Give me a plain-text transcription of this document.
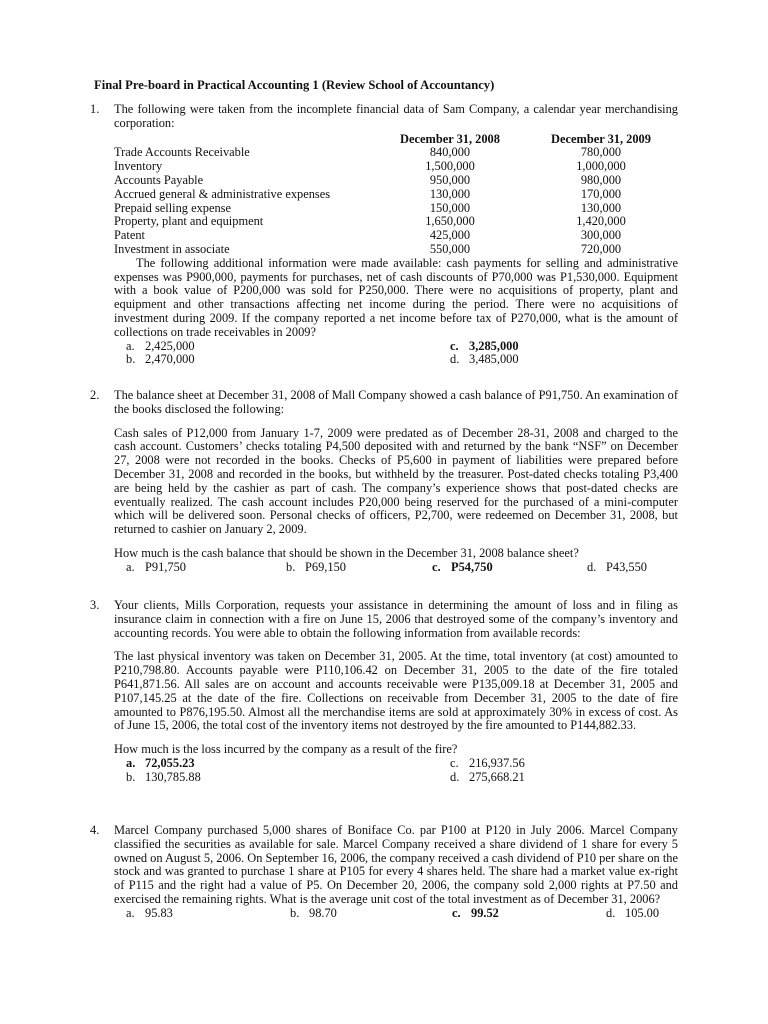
Final Pre-board in Practical Accounting 1 (Review School of Accountancy)
1.	The following were taken from the incomplete financial data of Sam Company, a calendar year merchandising corporation:
	December 31, 2008	December 31, 2009
Trade Accounts Receivable	840,000	780,000
Inventory	1,500,000	1,000,000
Accounts Payable	950,000	980,000
Accrued general & administrative expenses	130,000	170,000
Prepaid selling expense	150,000	130,000
Property, plant and equipment	1,650,000	1,420,000
Patent	425,000	300,000
Investment in associate	550,000	720,000
The following additional information were made available: cash payments for selling and administrative expenses was P900,000, payments for purchases, net of cash discounts of P70,000 was P1,530,000. Equipment with a book value of P200,000 was sold for P250,000. There were no acquisitions of property, plant and equipment and other transactions affecting net income during the period. There were no acquisitions of investment during 2009. If the company reported a net income before tax of P270,000, what is the amount of collections on trade receivables in 2009?
a. 2,425,000	c. 3,285,000
b. 2,470,000	d. 3,485,000
2.	The balance sheet at December 31, 2008 of Mall Company showed a cash balance of P91,750. An examination of the books disclosed the following:
Cash sales of P12,000 from January 1-7, 2009 were predated as of December 28-31, 2008 and charged to the cash account. Customers’ checks totaling P4,500 deposited with and returned by the bank “NSF” on December 27, 2008 were not recorded in the books. Checks of P5,600 in payment of liabilities were prepared before December 31, 2008 and recorded in the books, but withheld by the treasurer. Post-dated checks totaling P3,400 are being held by the cashier as part of cash. The company’s experience shows that post-dated checks are eventually realized. The cash account includes P20,000 being reserved for the purchased of a mini-computer which will be delivered soon. Personal checks of officers, P2,700, were redeemed on December 31, 2008, but returned to cashier on January 2, 2009.
How much is the cash balance that should be shown in the December 31, 2008 balance sheet?
a. P91,750	b. P69,150	c. P54,750	d. P43,550
3.	Your clients, Mills Corporation, requests your assistance in determining the amount of loss and in filing as insurance claim in connection with a fire on June 15, 2006 that destroyed some of the company’s inventory and accounting records. You were able to obtain the following information from available records:
The last physical inventory was taken on December 31, 2005. At the time, total inventory (at cost) amounted to P210,798.80. Accounts payable were P110,106.42 on December 31, 2005 to the date of the fire totaled P641,871.56. All sales are on account and accounts receivable were P135,009.18 at December 31, 2005 and P107,145.25 at the date of the fire. Collections on receivable from December 31, 2005 to the date of fire amounted to P876,195.50. Almost all the merchandise items are sold at approximately 30% in excess of cost. As of June 15, 2006, the total cost of the inventory items not destroyed by the fire amounted to P144,882.33.
How much is the loss incurred by the company as a result of the fire?
a. 72,055.23	c. 216,937.56
b. 130,785.88	d. 275,668.21
4.	Marcel Company purchased 5,000 shares of Boniface Co. par P100 at P120 in July 2006. Marcel Company classified the securities as available for sale. Marcel Company received a share dividend of 1 share for every 5 owned on August 5, 2006. On September 16, 2006, the company received a cash dividend of P10 per share on the stock and was granted to purchase 1 share at P105 for every 4 shares held. The share had a market value ex-right of P115 and the right had a value of P5. On December 20, 2006, the company sold 2,000 rights at P7.50 and exercised the remaining rights. What is the average unit cost of the total investment as of December 31, 2006?
a. 95.83	b. 98.70	c. 99.52	d. 105.00
